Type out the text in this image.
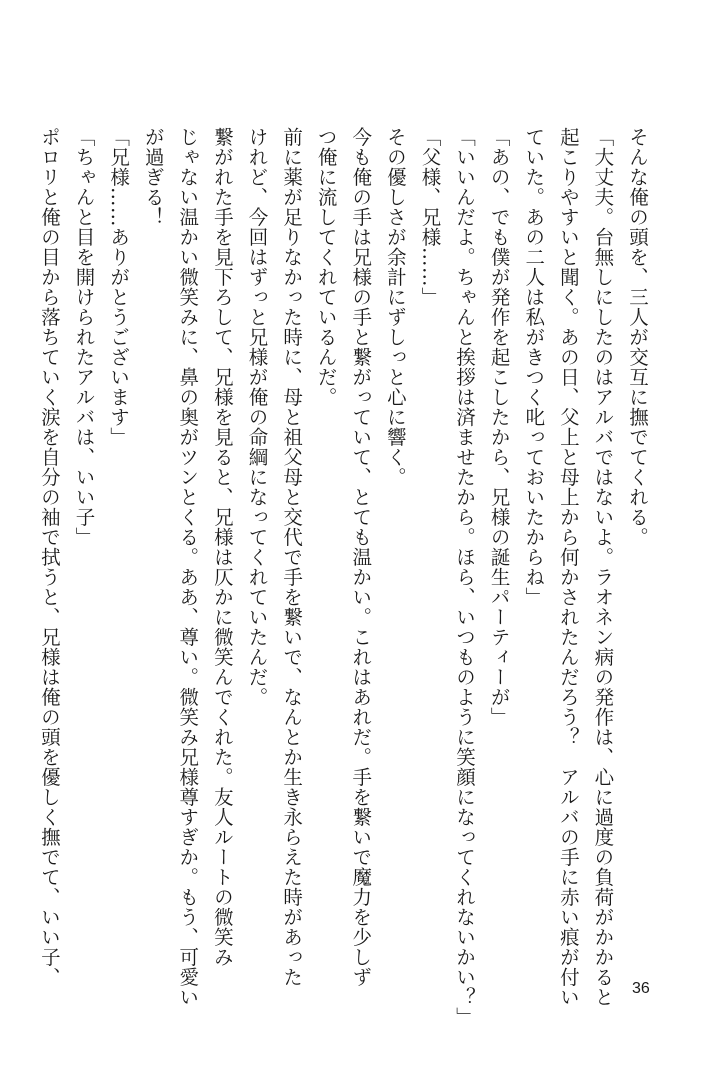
そんな俺の頭を、三人が交互に撫でてくれる。
「大丈夫。台無しにしたのはアルバではないよ。ラオネン病の発作は、心に過度の負荷がかかると
起こりやすいと聞く。あの日、父上と母上から何かされたんだろう？　アルバの手に赤い痕が付い
ていた。あの二人は私がきつく叱っておいたからね」
「あの、でも僕が発作を起こしたから、兄様の誕生パーティーが」
「いいんだよ。ちゃんと挨拶は済ませたから。ほら、いつものように笑顔になってくれないかい？」
「父様、兄様……」
その優しさが余計にずしっと心に響く。
今も俺の手は兄様の手と繋がっていて、とても温かい。これはあれだ。手を繋いで魔力を少しず
つ俺に流してくれているんだ。
前に薬が足りなかった時に、母と祖父母と交代で手を繋いで、なんとか生き永らえた時があった
けれど、今回はずっと兄様が俺の命綱になってくれていたんだ。
繋がれた手を見下ろして、兄様を見ると、兄様は仄かに微笑んでくれた。友人ルートの微笑み
じゃない温かい微笑みに、鼻の奥がツンとくる。ああ、尊い。微笑み兄様尊すぎか。もう、可愛い
が過ぎる！
「兄様……ありがとうございます」
「ちゃんと目を開けられたアルバは、いい子」
ポロリと俺の目から落ちていく涙を自分の袖で拭うと、兄様は俺の頭を優しく撫でて、いい子、
36
